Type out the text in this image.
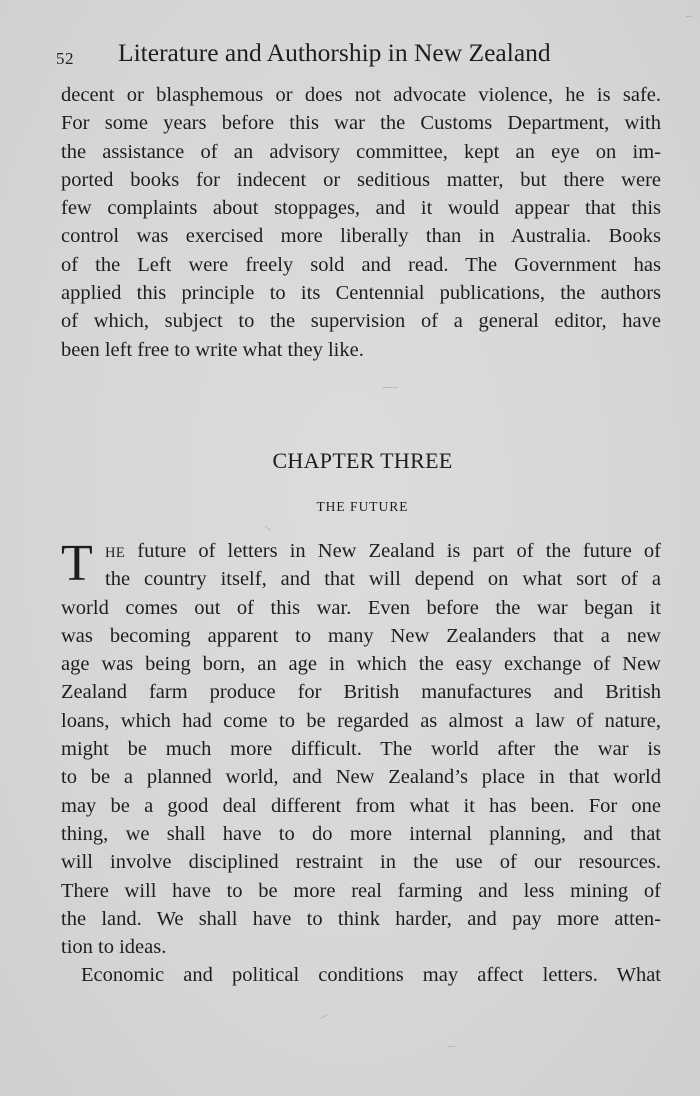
52 Literature and Authorship in New Zealand
decent or blasphemous or does not advocate violence, he is safe.
For some years before this war the Customs Department, with
the assistance of an advisory committee, kept an eye on im-
ported books for indecent or seditious matter, but there were
few complaints about stoppages, and it would appear that this
control was exercised more liberally than in Australia. Books
of the Left were freely sold and read. The Government has
applied this principle to its Centennial publications, the authors
of which, subject to the supervision of a general editor, have
been left free to write what they like.
CHAPTER THREE
THE FUTURE
T HE future of letters in New Zealand is part of the future of
the country itself, and that will depend on what sort of a
world comes out of this war. Even before the war began it
was becoming apparent to many New Zealanders that a new
age was being born, an age in which the easy exchange of New
Zealand farm produce for British manufactures and British
loans, which had come to be regarded as almost a law of nature,
might be much more difficult. The world after the war is
to be a planned world, and New Zealand’s place in that world
may be a good deal different from what it has been. For one
thing, we shall have to do more internal planning, and that
will involve disciplined restraint in the use of our resources.
There will have to be more real farming and less mining of
the land. We shall have to think harder, and pay more atten-
tion to ideas.
Economic and political conditions may affect letters. What
